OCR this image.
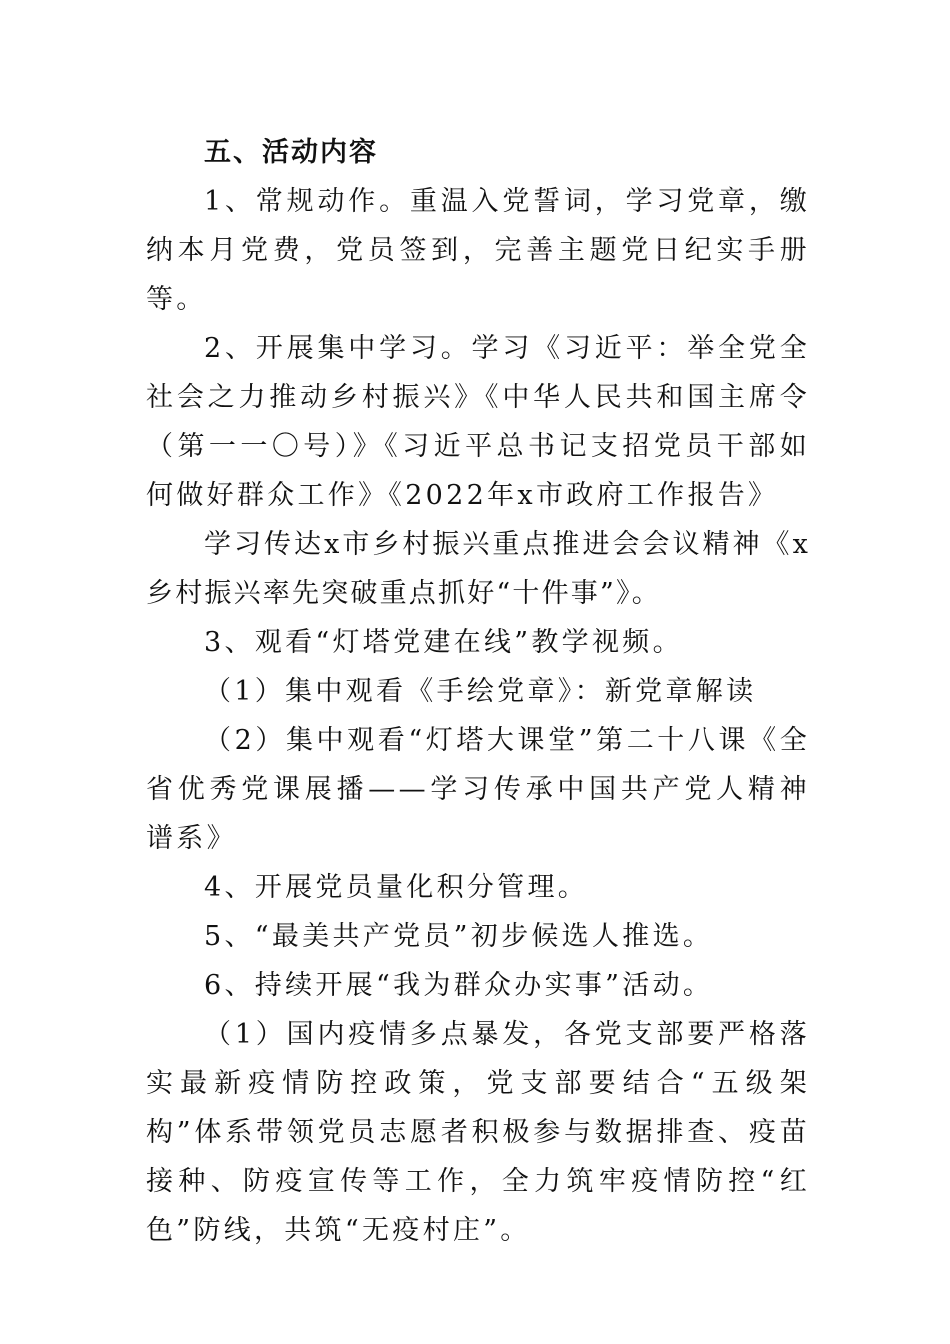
五、活动内容

1、常规动作。重温入党誓词，学习党章，缴纳本月党费，党员签到，完善主题党日纪实手册等。

2、开展集中学习。学习《习近平：举全党全社会之力推动乡村振兴》《中华人民共和国主席令（第一一〇号）》《习近平总书记支招党员干部如何做好群众工作》《2022年x市政府工作报告》

学习传达x市乡村振兴重点推进会会议精神《x乡村振兴率先突破重点抓好“十件事”》。

3、观看“灯塔党建在线”教学视频。

（1）集中观看《手绘党章》：新党章解读

（2）集中观看“灯塔大课堂”第二十八课《全省优秀党课展播——学习传承中国共产党人精神谱系》

4、开展党员量化积分管理。

5、“最美共产党员”初步候选人推选。

6、持续开展“我为群众办实事”活动。

（1）国内疫情多点暴发，各党支部要严格落实最新疫情防控政策，党支部要结合“五级架构”体系带领党员志愿者积极参与数据排查、疫苗接种、防疫宣传等工作，全力筑牢疫情防控“红色”防线，共筑“无疫村庄”。
